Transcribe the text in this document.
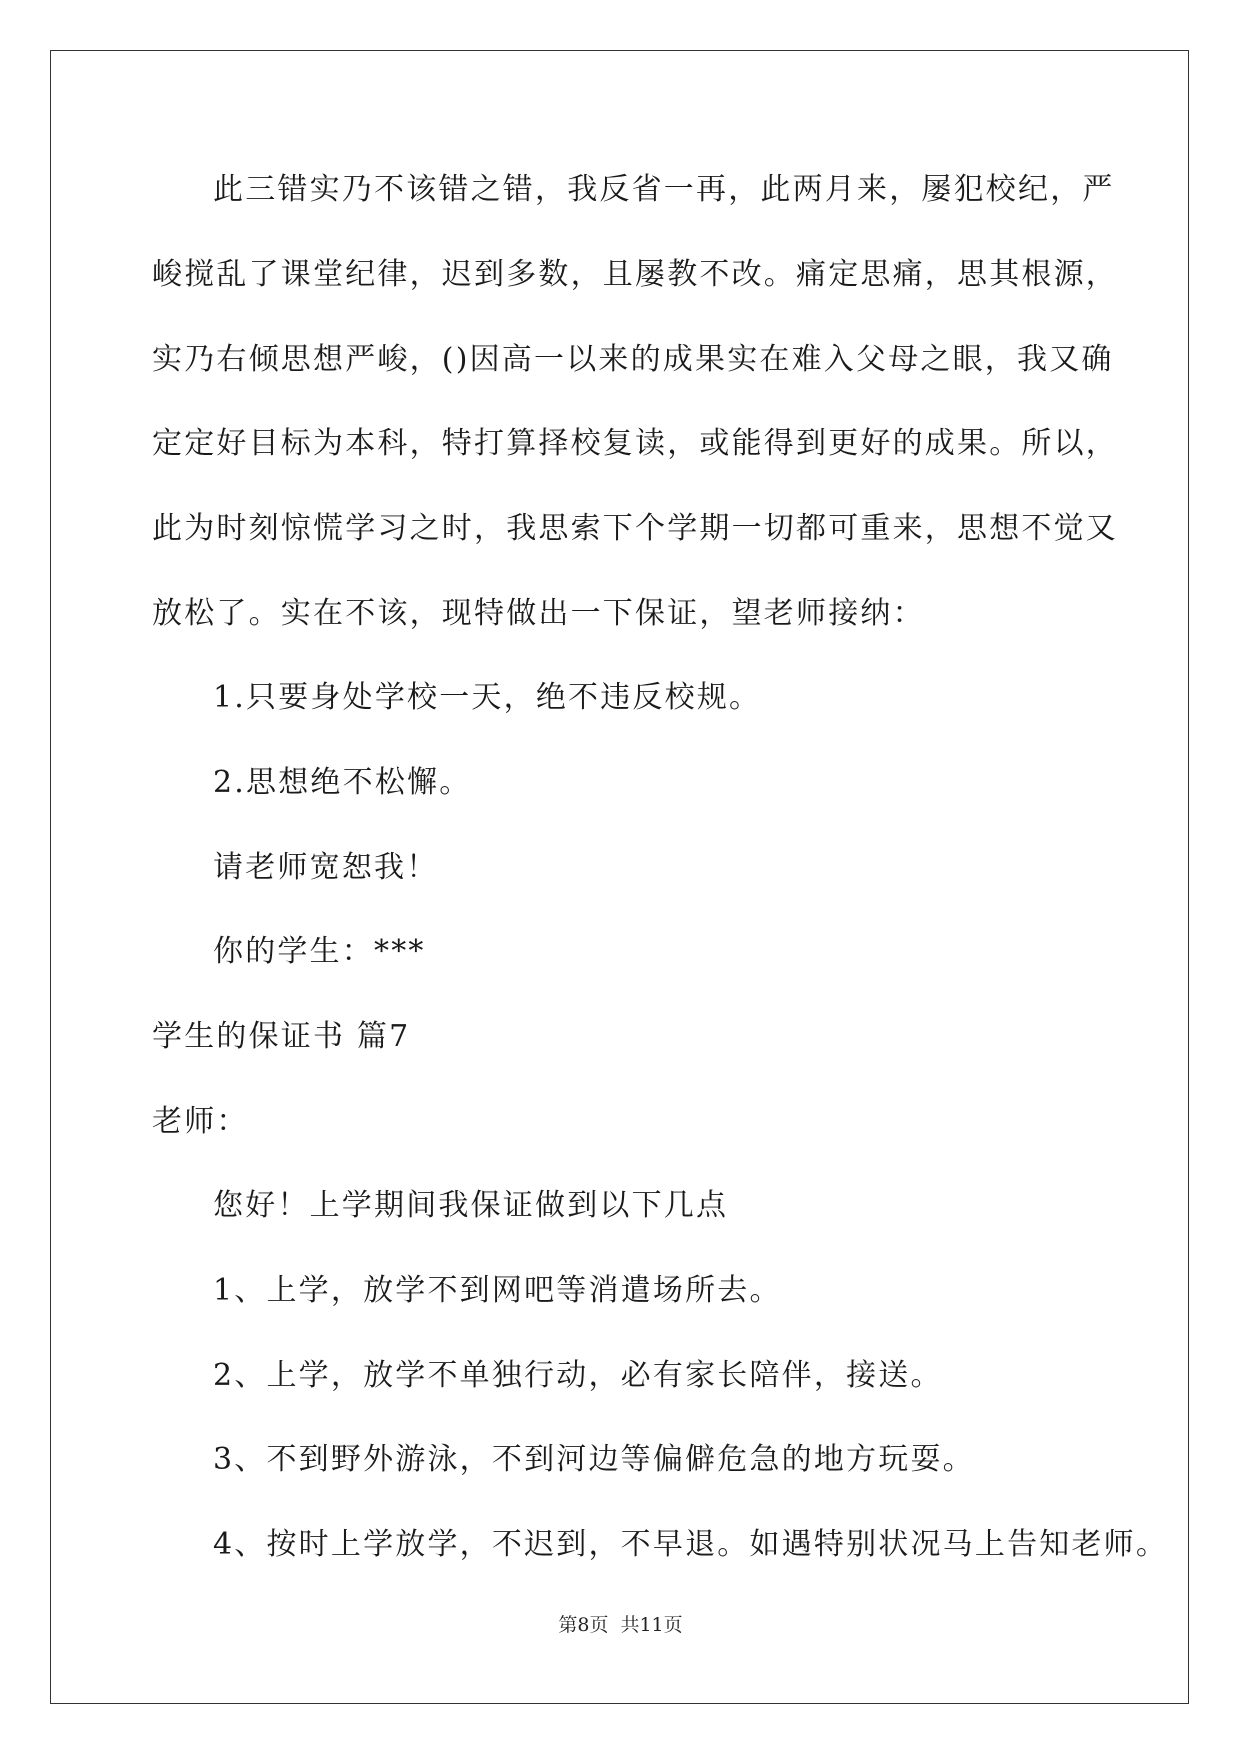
此三错实乃不该错之错，我反省一再，此两月来，屡犯校纪，严
峻搅乱了课堂纪律，迟到多数，且屡教不改。痛定思痛，思其根源，
实乃右倾思想严峻，()因高一以来的成果实在难入父母之眼，我又确
定定好目标为本科，特打算择校复读，或能得到更好的成果。所以，
此为时刻惊慌学习之时，我思索下个学期一切都可重来，思想不觉又
放松了。实在不该，现特做出一下保证，望老师接纳：
1.只要身处学校一天，绝不违反校规。
2.思想绝不松懈。
请老师宽恕我！
你的学生：***
学生的保证书 篇7
老师：
您好！上学期间我保证做到以下几点
1、上学，放学不到网吧等消遣场所去。
2、上学，放学不单独行动，必有家长陪伴，接送。
3、不到野外游泳，不到河边等偏僻危急的地方玩耍。
4、按时上学放学，不迟到，不早退。如遇特别状况马上告知老师。
第8页 共11页
